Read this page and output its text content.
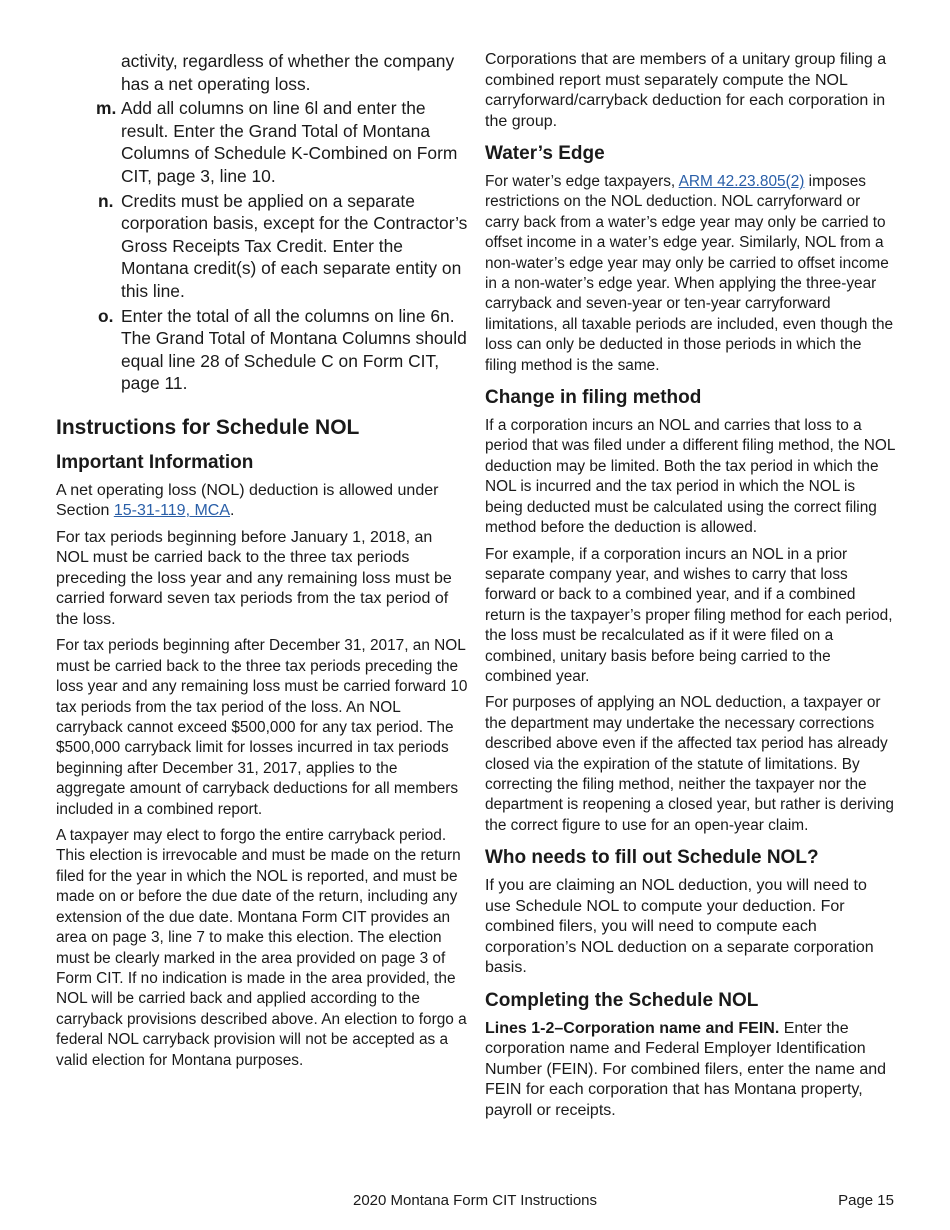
activity, regardless of whether the company has a net operating loss.

m. Add all columns on line 6l and enter the result. Enter the Grand Total of Montana Columns of Schedule K-Combined on Form CIT, page 3, line 10.
n. Credits must be applied on a separate corporation basis, except for the Contractor’s Gross Receipts Tax Credit. Enter the Montana credit(s) of each separate entity on this line.
o. Enter the total of all the columns on line 6n. The Grand Total of Montana Columns should equal line 28 of Schedule C on Form CIT, page 11.
Instructions for Schedule NOL
Important Information

A net operating loss (NOL) deduction is allowed under Section 15-31-119, MCA.

For tax periods beginning before January 1, 2018, an NOL must be carried back to the three tax periods preceding the loss year and any remaining loss must be carried forward seven tax periods from the tax period of the loss.

For tax periods beginning after December 31, 2017, an NOL must be carried back to the three tax periods preceding the loss year and any remaining loss must be carried forward 10 tax periods from the tax period of the loss. An NOL carryback cannot exceed $500,000 for any tax period. The $500,000 carryback limit for losses incurred in tax periods beginning after December 31, 2017, applies to the aggregate amount of carryback deductions for all members included in a combined report.

A taxpayer may elect to forgo the entire carryback period. This election is irrevocable and must be made on the return filed for the year in which the NOL is reported, and must be made on or before the due date of the return, including any extension of the due date. Montana Form CIT provides an area on page 3, line 7 to make this election. The election must be clearly marked in the area provided on page 3 of Form CIT. If no indication is made in the area provided, the NOL will be carried back and applied according to the carryback provisions described above. An election to forgo a federal NOL carryback provision will not be accepted as a valid election for Montana purposes.

Corporations that are members of a unitary group filing a combined report must separately compute the NOL carryforward/carryback deduction for each corporation in the group.

Water’s Edge

For water’s edge taxpayers, ARM 42.23.805(2) imposes restrictions on the NOL deduction. NOL carryforward or carry back from a water’s edge year may only be carried to offset income in a water’s edge year. Similarly, NOL from a non-water’s edge year may only be carried to offset income in a non-water’s edge year. When applying the three-year carryback and seven-year or ten-year carryforward limitations, all taxable periods are included, even though the loss can only be deducted in those periods in which the filing method is the same.

Change in filing method

If a corporation incurs an NOL and carries that loss to a period that was filed under a different filing method, the NOL deduction may be limited. Both the tax period in which the NOL is incurred and the tax period in which the NOL is being deducted must be calculated using the correct filing method before the deduction is allowed.

For example, if a corporation incurs an NOL in a prior separate company year, and wishes to carry that loss forward or back to a combined year, and if a combined return is the taxpayer’s proper filing method for each period, the loss must be recalculated as if it were filed on a combined, unitary basis before being carried to the combined year.

For purposes of applying an NOL deduction, a taxpayer or the department may undertake the necessary corrections described above even if the affected tax period has already closed via the expiration of the statute of limitations. By correcting the filing method, neither the taxpayer nor the department is reopening a closed year, but rather is deriving the correct figure to use for an open-year claim.

Who needs to fill out Schedule NOL?

If you are claiming an NOL deduction, you will need to use Schedule NOL to compute your deduction. For combined filers, you will need to compute each corporation’s NOL deduction on a separate corporation basis.

Completing the Schedule NOL

Lines 1-2–Corporation name and FEIN. Enter the corporation name and Federal Employer Identification Number (FEIN). For combined filers, enter the name and FEIN for each corporation that has Montana property, payroll or receipts.

2020 Montana Form CIT Instructions	Page 15
